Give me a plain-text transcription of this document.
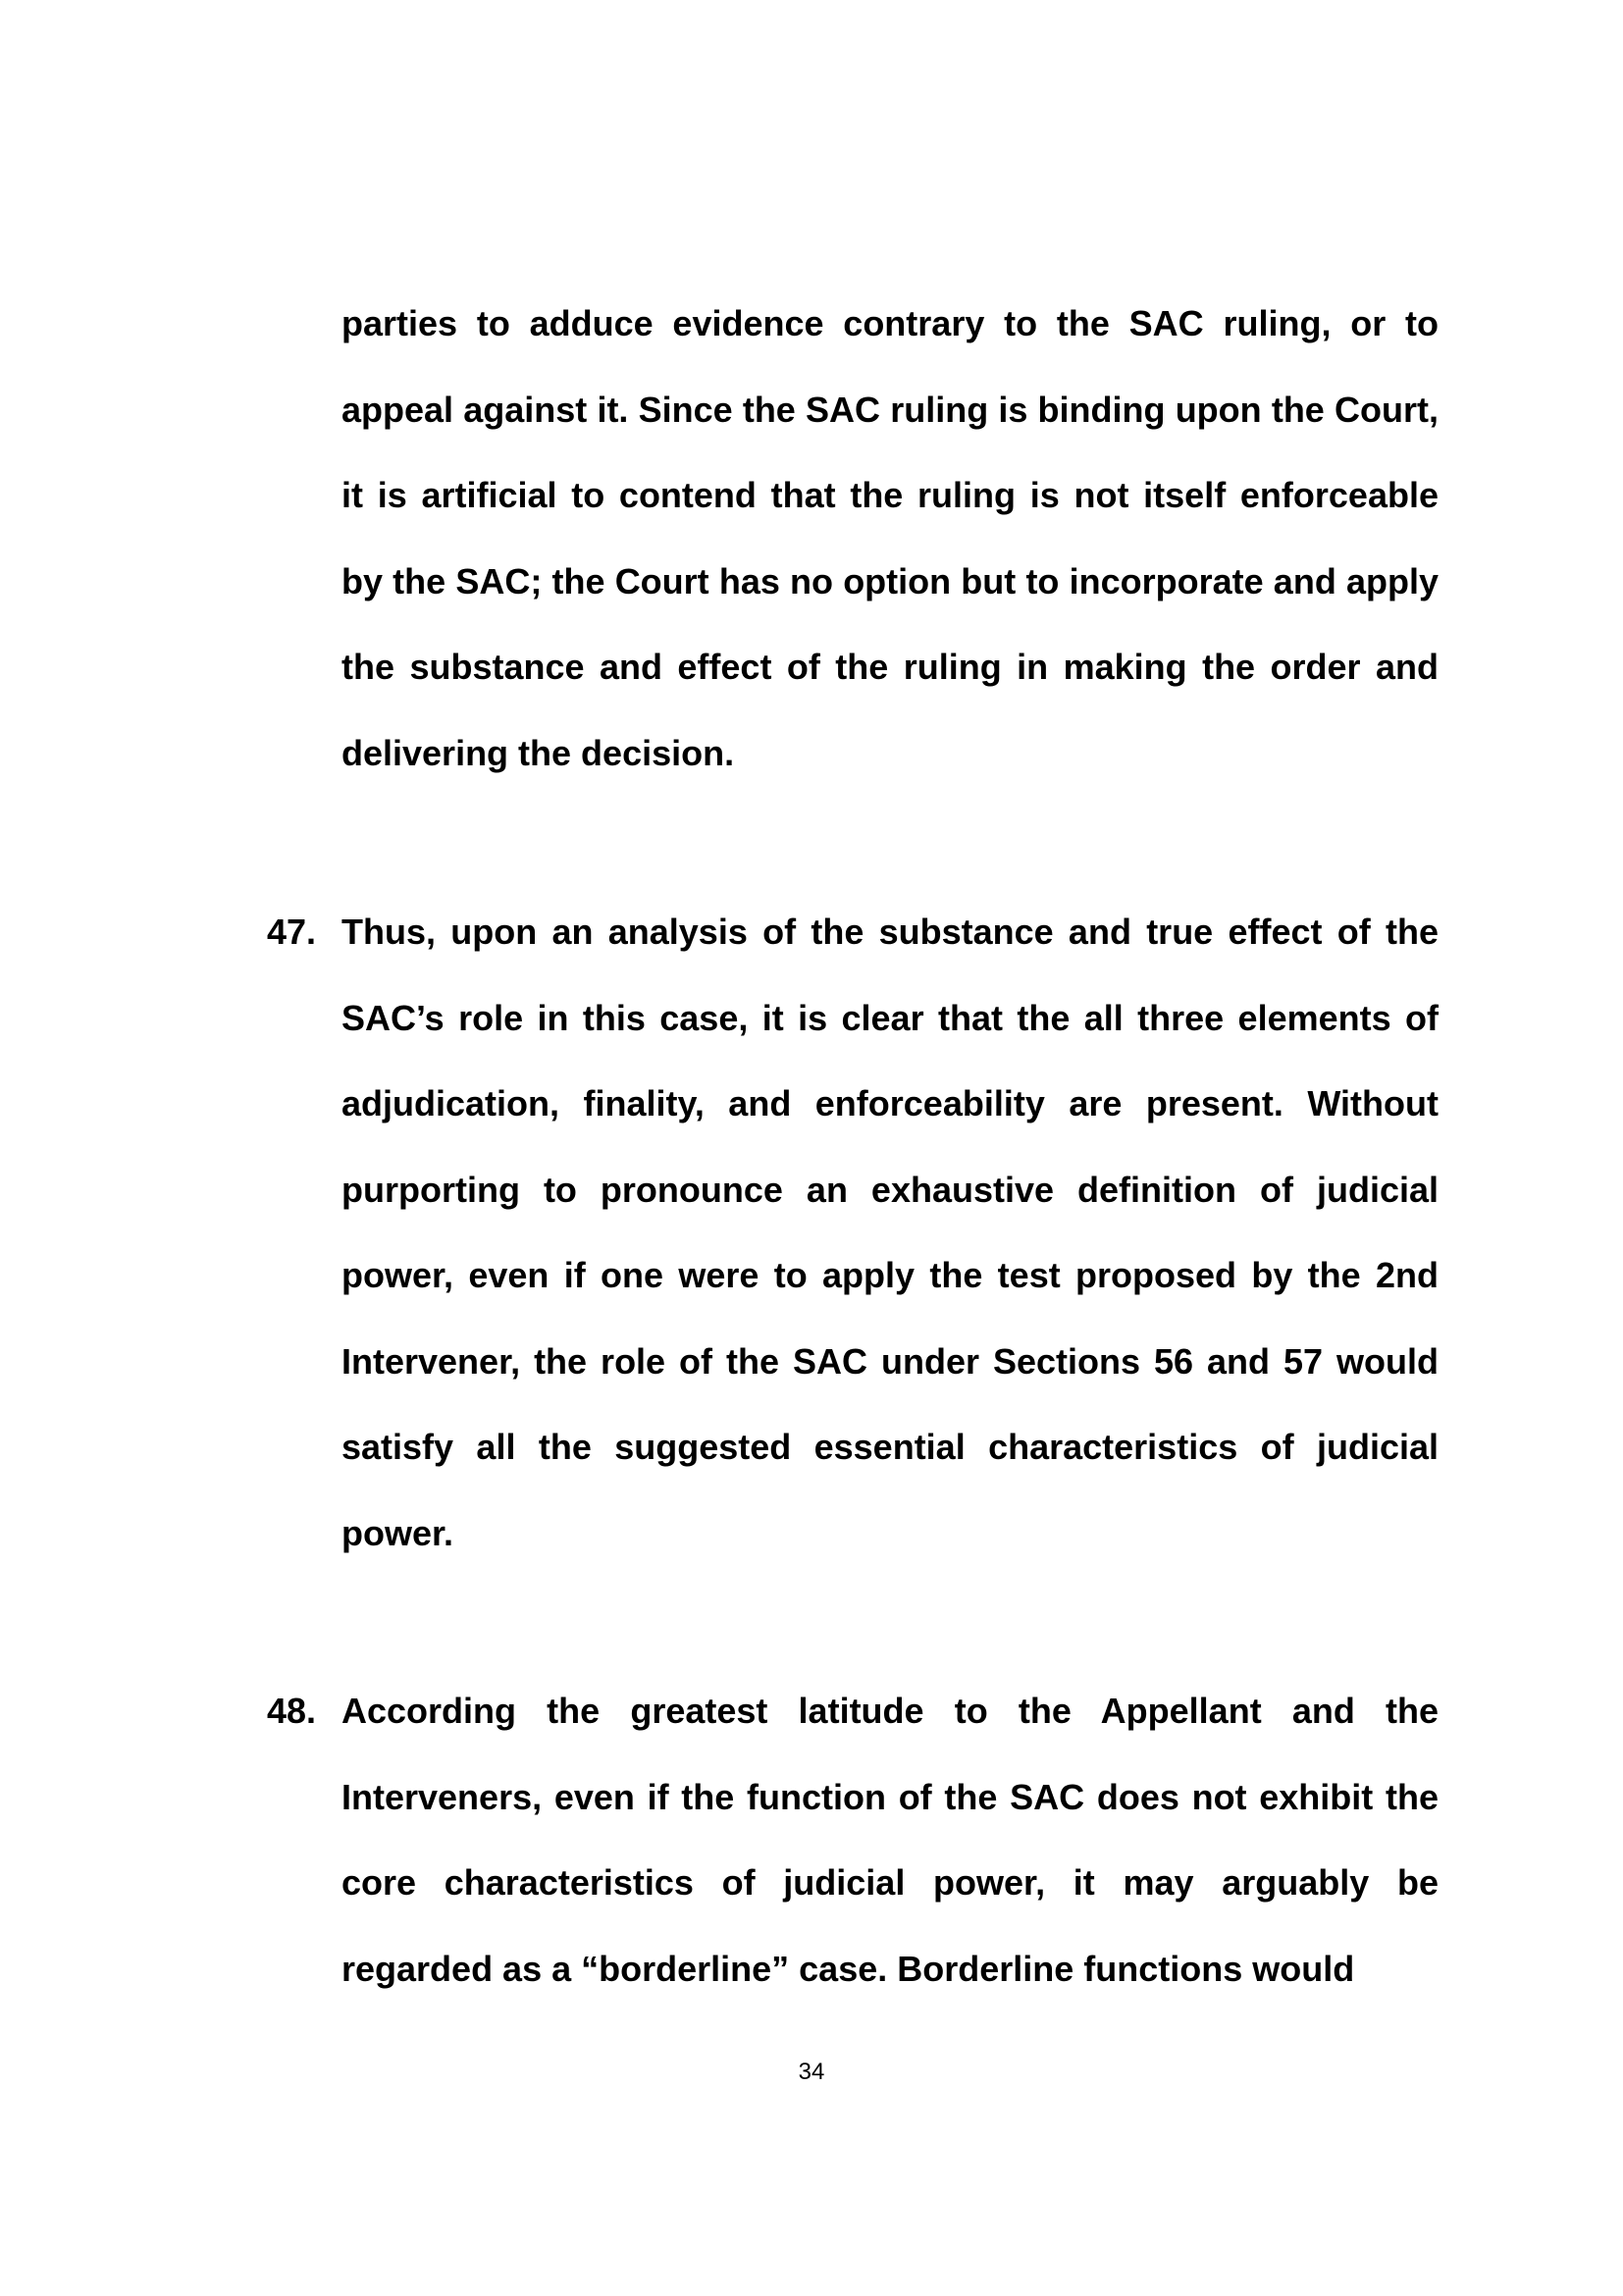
parties to adduce evidence contrary to the SAC ruling, or to appeal against it. Since the SAC ruling is binding upon the Court, it is artificial to contend that the ruling is not itself enforceable by the SAC; the Court has no option but to incorporate and apply the substance and effect of the ruling in making the order and delivering the decision.

47. Thus, upon an analysis of the substance and true effect of the SAC’s role in this case, it is clear that the all three elements of adjudication, finality, and enforceability are present. Without purporting to pronounce an exhaustive definition of judicial power, even if one were to apply the test proposed by the 2nd Intervener, the role of the SAC under Sections 56 and 57 would satisfy all the suggested essential characteristics of judicial power.

48. According the greatest latitude to the Appellant and the Interveners, even if the function of the SAC does not exhibit the core characteristics of judicial power, it may arguably be regarded as a “borderline” case. Borderline functions would

34
